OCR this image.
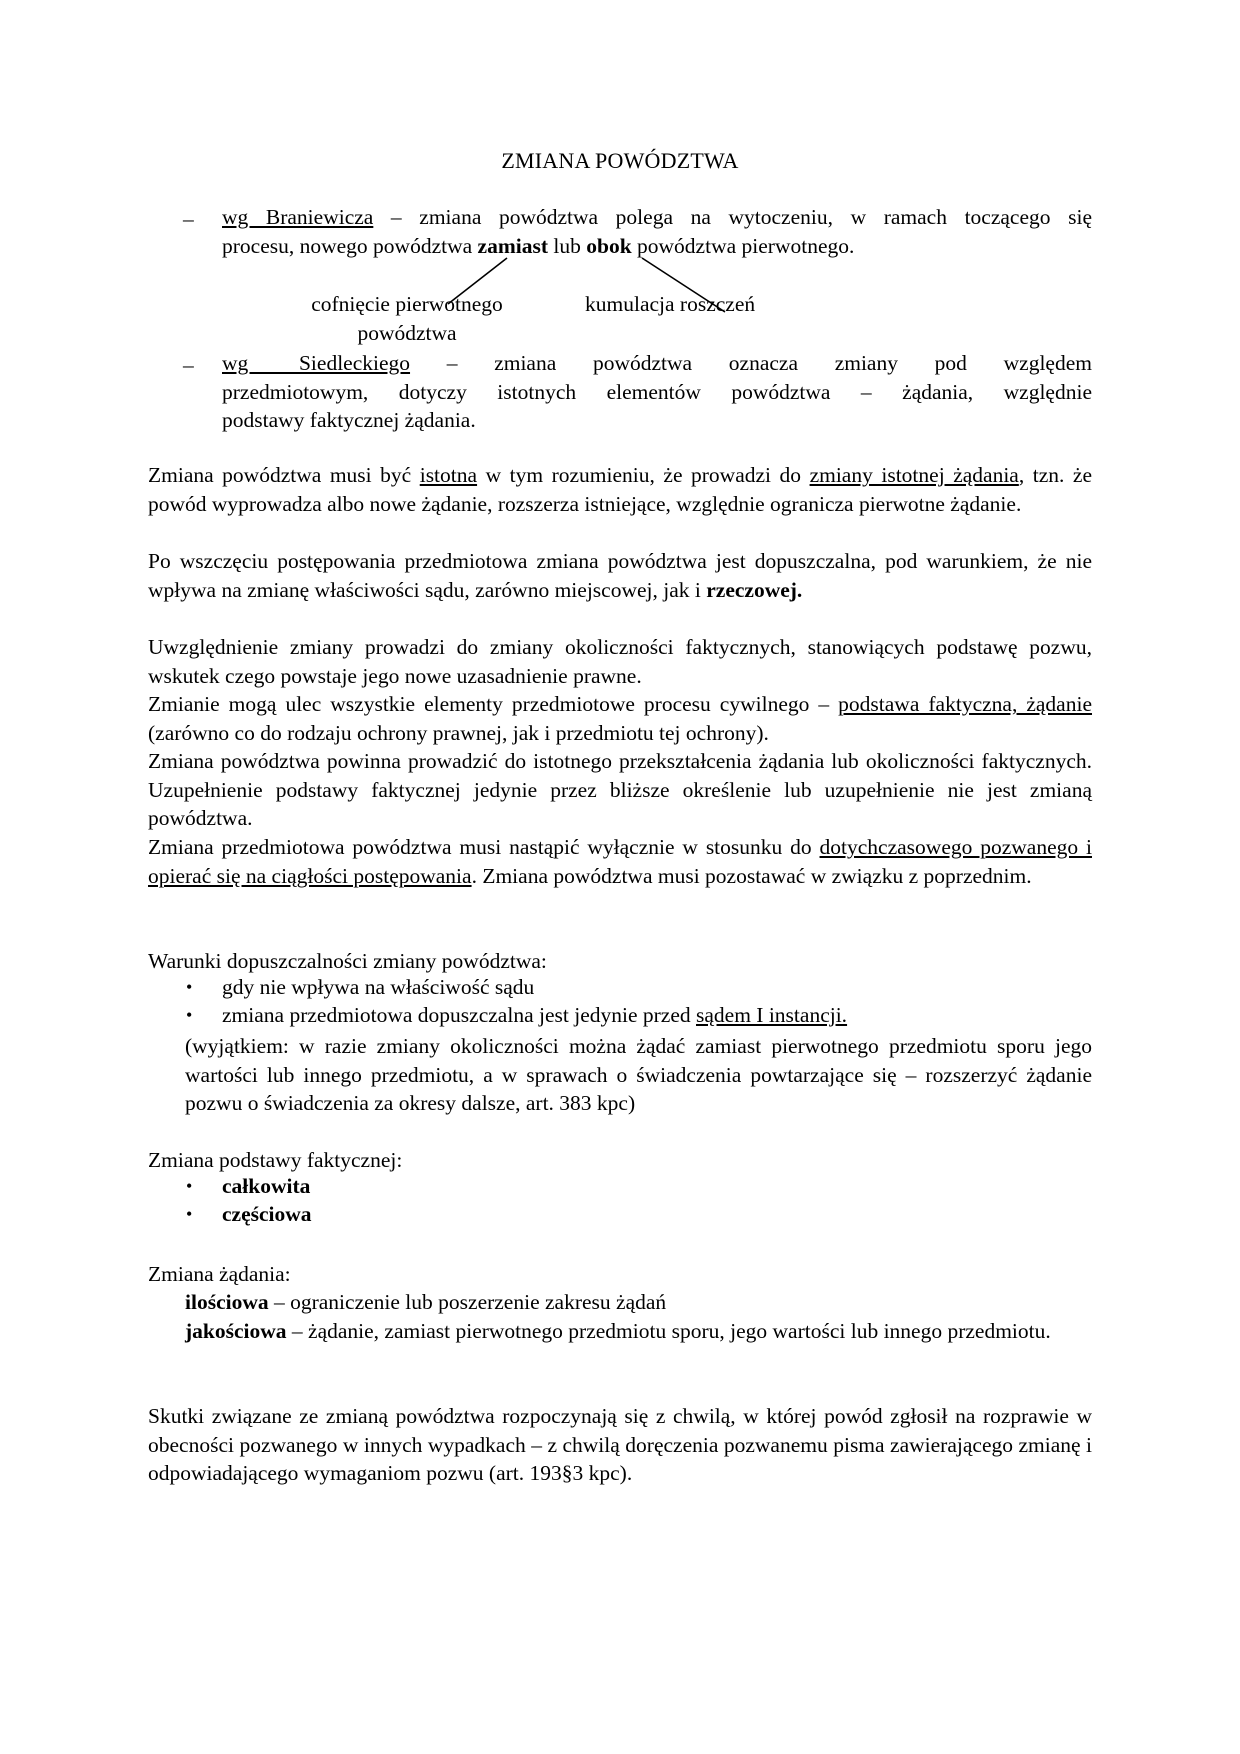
ZMIANA POWÓDZTWA
– wg Braniewicza – zmiana powództwa polega na wytoczeniu, w ramach toczącego się
procesu, nowego powództwa zamiast lub obok powództwa pierwotnego.
cofnięcie pierwotnego
powództwa
kumulacja roszczeń
– wg Siedleckiego – zmiana powództwa oznacza zmiany pod względem
przedmiotowym, dotyczy istotnych elementów powództwa – żądania, względnie
podstawy faktycznej żądania.
Zmiana powództwa musi być istotna w tym rozumieniu, że prowadzi do zmiany istotnej żądania, tzn. że powód wyprowadza albo nowe żądanie, rozszerza istniejące, względnie ogranicza pierwotne żądanie.
Po wszczęciu postępowania przedmiotowa zmiana powództwa jest dopuszczalna, pod warunkiem, że nie wpływa na zmianę właściwości sądu, zarówno miejscowej, jak i rzeczowej.
Uwzględnienie zmiany prowadzi do zmiany okoliczności faktycznych, stanowiących podstawę pozwu, wskutek czego powstaje jego nowe uzasadnienie prawne.
Zmianie mogą ulec wszystkie elementy przedmiotowe procesu cywilnego – podstawa faktyczna, żądanie (zarówno co do rodzaju ochrony prawnej, jak i przedmiotu tej ochrony).
Zmiana powództwa powinna prowadzić do istotnego przekształcenia żądania lub okoliczności faktycznych. Uzupełnienie podstawy faktycznej jedynie przez bliższe określenie lub uzupełnienie nie jest zmianą powództwa.
Zmiana przedmiotowa powództwa musi nastąpić wyłącznie w stosunku do dotychczasowego pozwanego i opierać się na ciągłości postępowania. Zmiana powództwa musi pozostawać w związku z poprzednim.
Warunki dopuszczalności zmiany powództwa:
• gdy nie wpływa na właściwość sądu
• zmiana przedmiotowa dopuszczalna jest jedynie przed sądem I instancji.
(wyjątkiem: w razie zmiany okoliczności można żądać zamiast pierwotnego przedmiotu sporu jego wartości lub innego przedmiotu, a w sprawach o świadczenia powtarzające się – rozszerzyć żądanie pozwu o świadczenia za okresy dalsze, art. 383 kpc)
Zmiana podstawy faktycznej:
• całkowita
• częściowa
Zmiana żądania:
ilościowa – ograniczenie lub poszerzenie zakresu żądań
jakościowa – żądanie, zamiast pierwotnego przedmiotu sporu, jego wartości lub innego przedmiotu.
Skutki związane ze zmianą powództwa rozpoczynają się z chwilą, w której powód zgłosił na rozprawie w obecności pozwanego w innych wypadkach – z chwilą doręczenia pozwanemu pisma zawierającego zmianę i odpowiadającego wymaganiom pozwu (art. 193§3 kpc).
